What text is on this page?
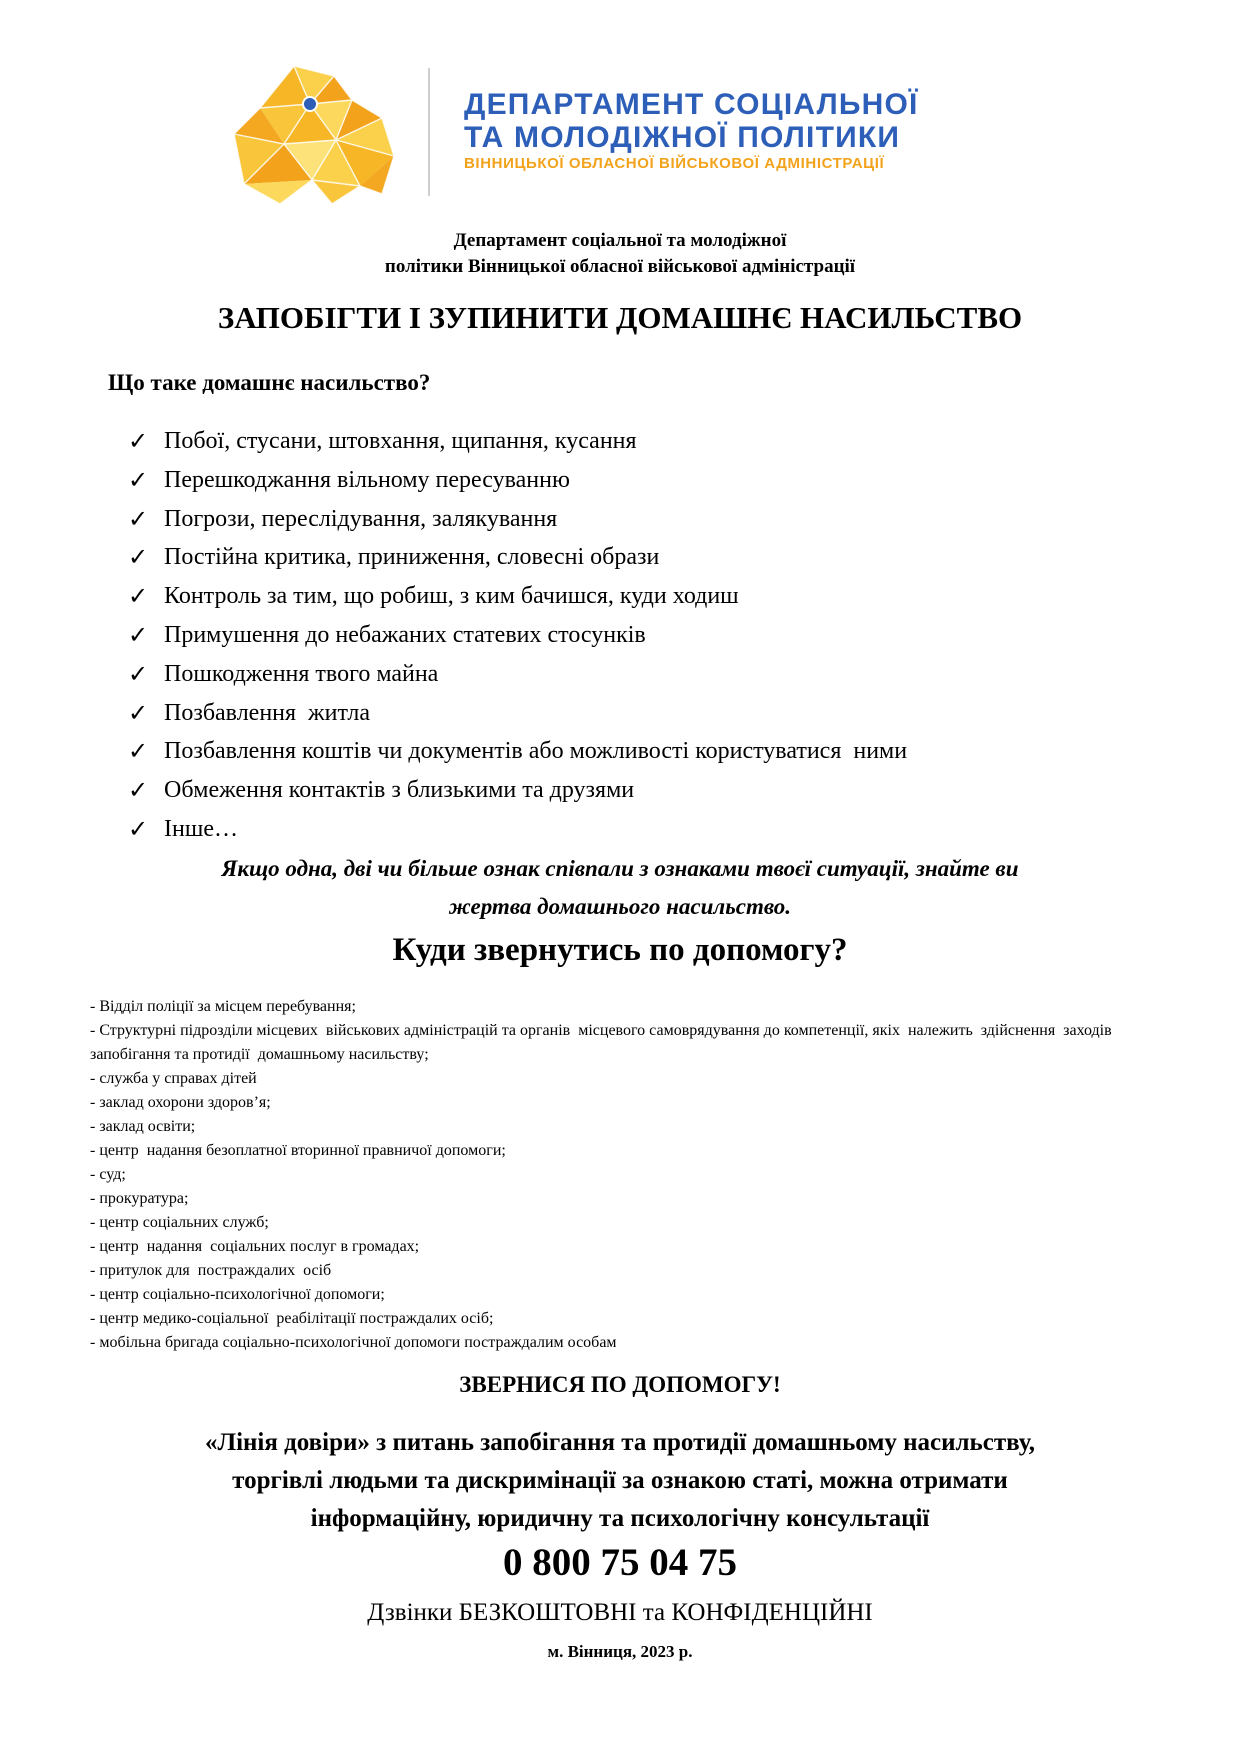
ДЕПАРТАМЕНТ СОЦІАЛЬНОЇ
ТА МОЛОДІЖНОЇ ПОЛІТИКИ
ВІННИЦЬКОЇ ОБЛАСНОЇ ВІЙСЬКОВОЇ АДМІНІСТРАЦІЇ
Департамент соціальної та молодіжної
політики Вінницької обласної військової адміністрації
ЗАПОБІГТИ І ЗУПИНИТИ ДОМАШНЄ НАСИЛЬСТВО
Що таке домашнє насильство?
✓ Побої, стусани, штовхання, щипання, кусання
✓ Перешкоджання вільному пересуванню
✓ Погрози, переслідування, залякування
✓ Постійна критика, приниження, словесні образи
✓ Контроль за тим, що робиш, з ким бачишся, куди ходиш
✓ Примушення до небажаних статевих стосунків
✓ Пошкодження твого майна
✓ Позбавлення  житла
✓ Позбавлення коштів чи документів або можливості користуватися  ними
✓ Обмеження контактів з близькими та друзями
✓ Інше…
Якщо одна, дві чи більше ознак співпали з ознаками твоєї ситуації, знайте ви
жертва домашнього насильство.
Куди звернутись по допомогу?
- Відділ поліції за місцем перебування;
- Структурні підрозділи місцевих  військових адміністрацій та органів  місцевого самоврядування до компетенції, якіх  належить  здійснення  заходів запобігання та протидії  домашньому насильству;
- служба у справах дітей
- заклад охорони здоров’я;
- заклад освіти;
- центр  надання безоплатної вторинної правничої допомоги;
- суд;
- прокуратура;
- центр соціальних служб;
- центр  надання  соціальних послуг в громадах;
- притулок для  постраждалих  осіб
- центр соціально-психологічної допомоги;
- центр медико-соціальної  реабілітації постраждалих осіб;
- мобільна бригада соціально-психологічної допомоги постраждалим особам
ЗВЕРНИСЯ ПО ДОПОМОГУ!
«Лінія довіри» з питань запобігання та протидії домашньому насильству,
торгівлі людьми та дискримінації за ознакою статі, можна отримати
інформаційну, юридичну та психологічну консультації
0 800 75 04 75
Дзвінки БЕЗКОШТОВНІ та КОНФІДЕНЦІЙНІ
м. Вінниця, 2023 р.
